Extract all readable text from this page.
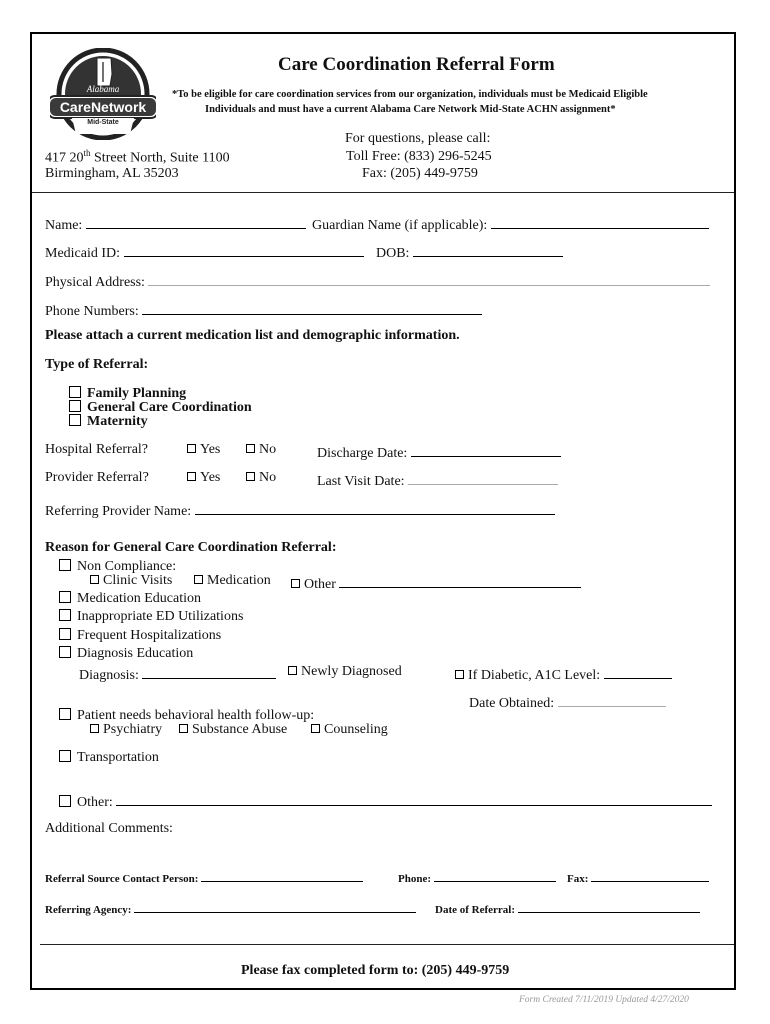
Alabama
CareNetwork
Mid-State
Care Coordination Referral Form
*To be eligible for care coordination services from our organization, individuals must be Medicaid Eligible
Individuals and must have a current Alabama Care Network Mid-State ACHN assignment*
417 20th Street North, Suite 1100
Birmingham, AL 35203
For questions, please call:
Toll Free: (833) 296-5245
Fax: (205) 449-9759
Name:	Guardian Name (if applicable):
Medicaid ID:	DOB:
Physical Address:
Phone Numbers:
Please attach a current medication list and demographic information.
Type of Referral:
Family Planning
General Care Coordination
Maternity
Hospital Referral?	Yes	No	Discharge Date:
Provider Referral?	Yes	No	Last Visit Date:
Referring Provider Name:
Reason for General Care Coordination Referral:
Non Compliance:
Clinic Visits	Medication	Other
Medication Education
Inappropriate ED Utilizations
Frequent Hospitalizations
Diagnosis Education
Diagnosis:	Newly Diagnosed	If Diabetic, A1C Level:
Date Obtained:
Patient needs behavioral health follow-up:
Psychiatry	Substance Abuse	Counseling
Transportation
Other:
Additional Comments:
Referral Source Contact Person:	Phone:	Fax:
Referring Agency:	Date of Referral:
Please fax completed form to: (205) 449-9759
Form Created 7/11/2019 Updated 4/27/2020
